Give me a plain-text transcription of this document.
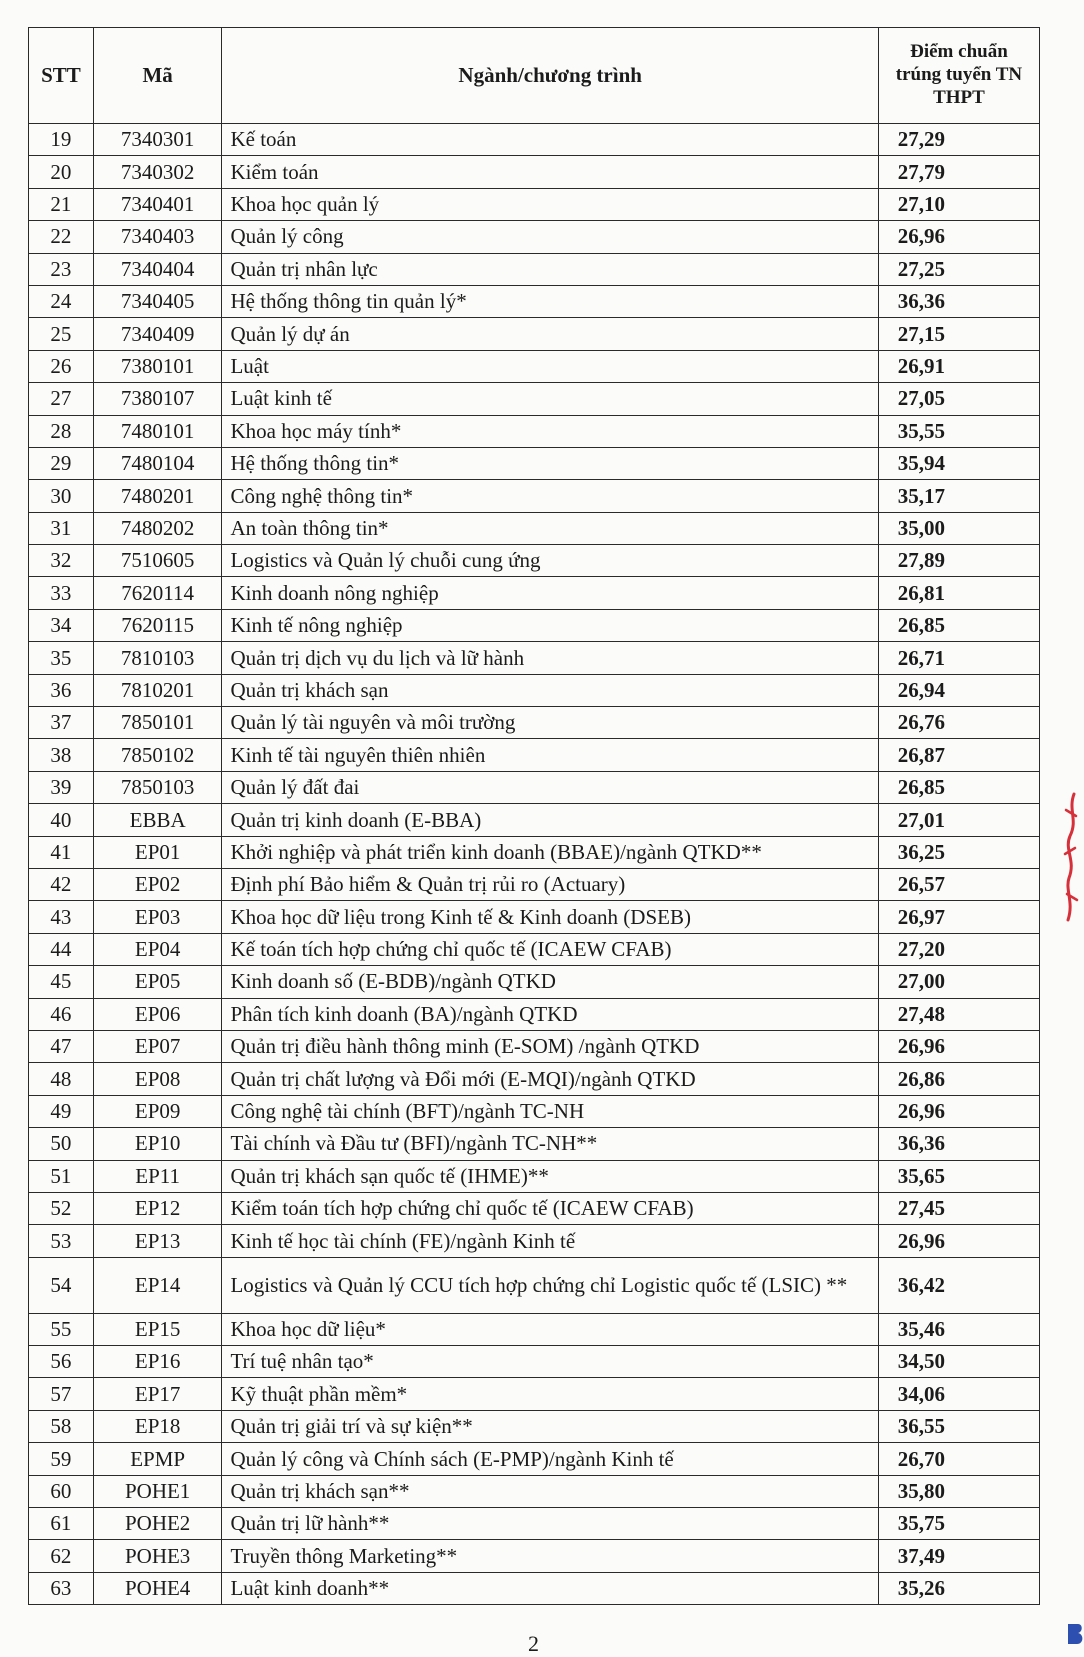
STT	Mã	Ngành/chương trình	Điểm chuẩn trúng tuyển TN THPT
19	7340301	Kế toán	27,29
20	7340302	Kiểm toán	27,79
21	7340401	Khoa học quản lý	27,10
22	7340403	Quản lý công	26,96
23	7340404	Quản trị nhân lực	27,25
24	7340405	Hệ thống thông tin quản lý*	36,36
25	7340409	Quản lý dự án	27,15
26	7380101	Luật	26,91
27	7380107	Luật kinh tế	27,05
28	7480101	Khoa học máy tính*	35,55
29	7480104	Hệ thống thông tin*	35,94
30	7480201	Công nghệ thông tin*	35,17
31	7480202	An toàn thông tin*	35,00
32	7510605	Logistics và Quản lý chuỗi cung ứng	27,89
33	7620114	Kinh doanh nông nghiệp	26,81
34	7620115	Kinh tế nông nghiệp	26,85
35	7810103	Quản trị dịch vụ du lịch và lữ hành	26,71
36	7810201	Quản trị khách sạn	26,94
37	7850101	Quản lý tài nguyên và môi trường	26,76
38	7850102	Kinh tế tài nguyên thiên nhiên	26,87
39	7850103	Quản lý đất đai	26,85
40	EBBA	Quản trị kinh doanh (E-BBA)	27,01
41	EP01	Khởi nghiệp và phát triển kinh doanh (BBAE)/ngành QTKD**	36,25
42	EP02	Định phí Bảo hiểm & Quản trị rủi ro (Actuary)	26,57
43	EP03	Khoa học dữ liệu trong Kinh tế & Kinh doanh (DSEB)	26,97
44	EP04	Kế toán tích hợp chứng chỉ quốc tế (ICAEW CFAB)	27,20
45	EP05	Kinh doanh số (E-BDB)/ngành QTKD	27,00
46	EP06	Phân tích kinh doanh (BA)/ngành QTKD	27,48
47	EP07	Quản trị điều hành thông minh (E-SOM) /ngành QTKD	26,96
48	EP08	Quản trị chất lượng và Đổi mới (E-MQI)/ngành QTKD	26,86
49	EP09	Công nghệ tài chính (BFT)/ngành TC-NH	26,96
50	EP10	Tài chính và Đầu tư (BFI)/ngành TC-NH**	36,36
51	EP11	Quản trị khách sạn quốc tế (IHME)**	35,65
52	EP12	Kiểm toán tích hợp chứng chỉ quốc tế (ICAEW CFAB)	27,45
53	EP13	Kinh tế học tài chính (FE)/ngành Kinh tế	26,96
54	EP14	Logistics và Quản lý CCU tích hợp chứng chỉ Logistic quốc tế (LSIC) **	36,42
55	EP15	Khoa học dữ liệu*	35,46
56	EP16	Trí tuệ nhân tạo*	34,50
57	EP17	Kỹ thuật phần mềm*	34,06
58	EP18	Quản trị giải trí và sự kiện**	36,55
59	EPMP	Quản lý công và Chính sách (E-PMP)/ngành Kinh tế	26,70
60	POHE1	Quản trị khách sạn**	35,80
61	POHE2	Quản trị lữ hành**	35,75
62	POHE3	Truyền thông Marketing**	37,49
63	POHE4	Luật kinh doanh**	35,26
2
